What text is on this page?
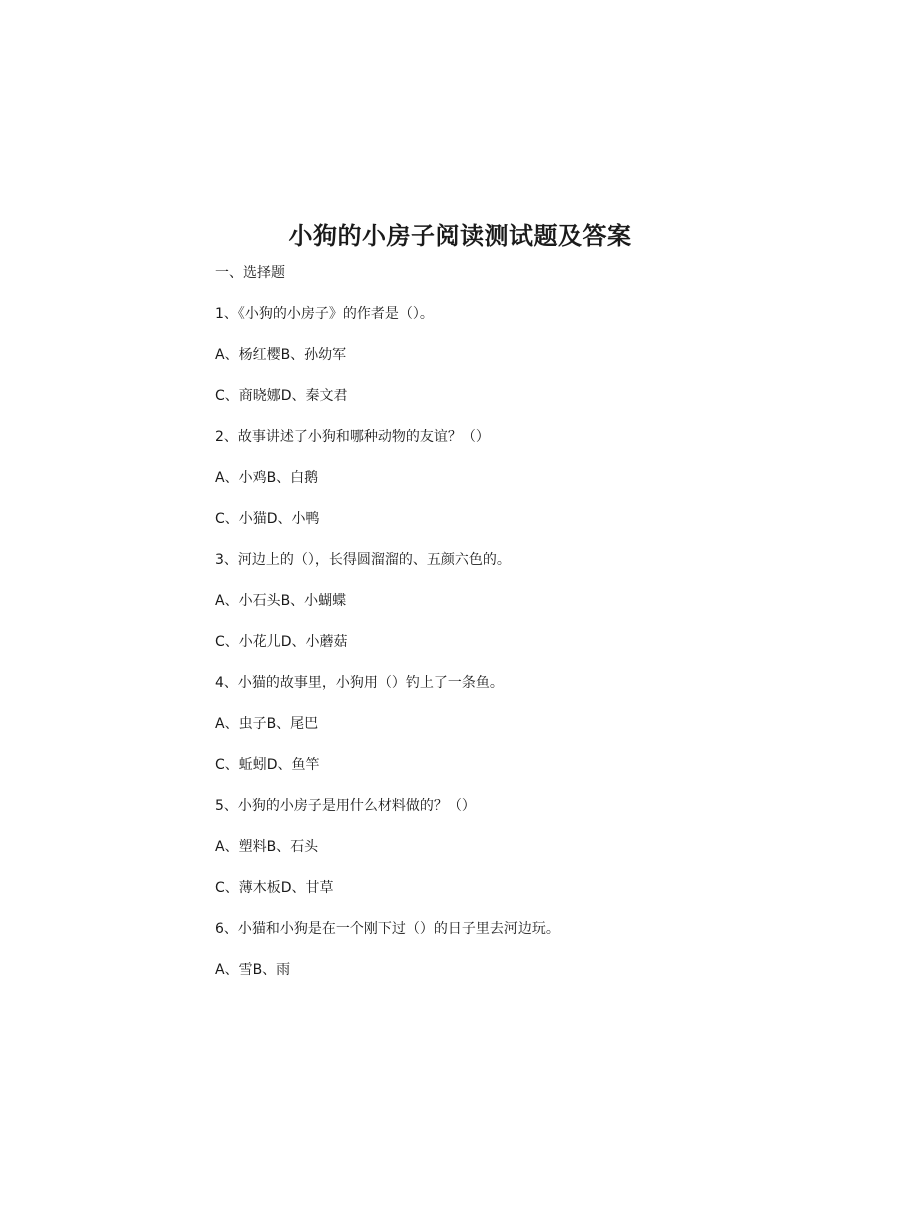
小狗的小房子阅读测试题及答案
一、选择题
1、《小狗的小房子》的作者是（）。
A、杨红樱B、孙幼军
C、商晓娜D、秦文君
2、故事讲述了小狗和哪种动物的友谊？（）
A、小鸡B、白鹅
C、小猫D、小鸭
3、河边上的（），长得圆溜溜的、五颜六色的。
A、小石头B、小蝴蝶
C、小花儿D、小蘑菇
4、小猫的故事里，小狗用（）钓上了一条鱼。
A、虫子B、尾巴
C、蚯蚓D、鱼竿
5、小狗的小房子是用什么材料做的？（）
A、塑料B、石头
C、薄木板D、甘草
6、小猫和小狗是在一个刚下过（）的日子里去河边玩。
A、雪B、雨
